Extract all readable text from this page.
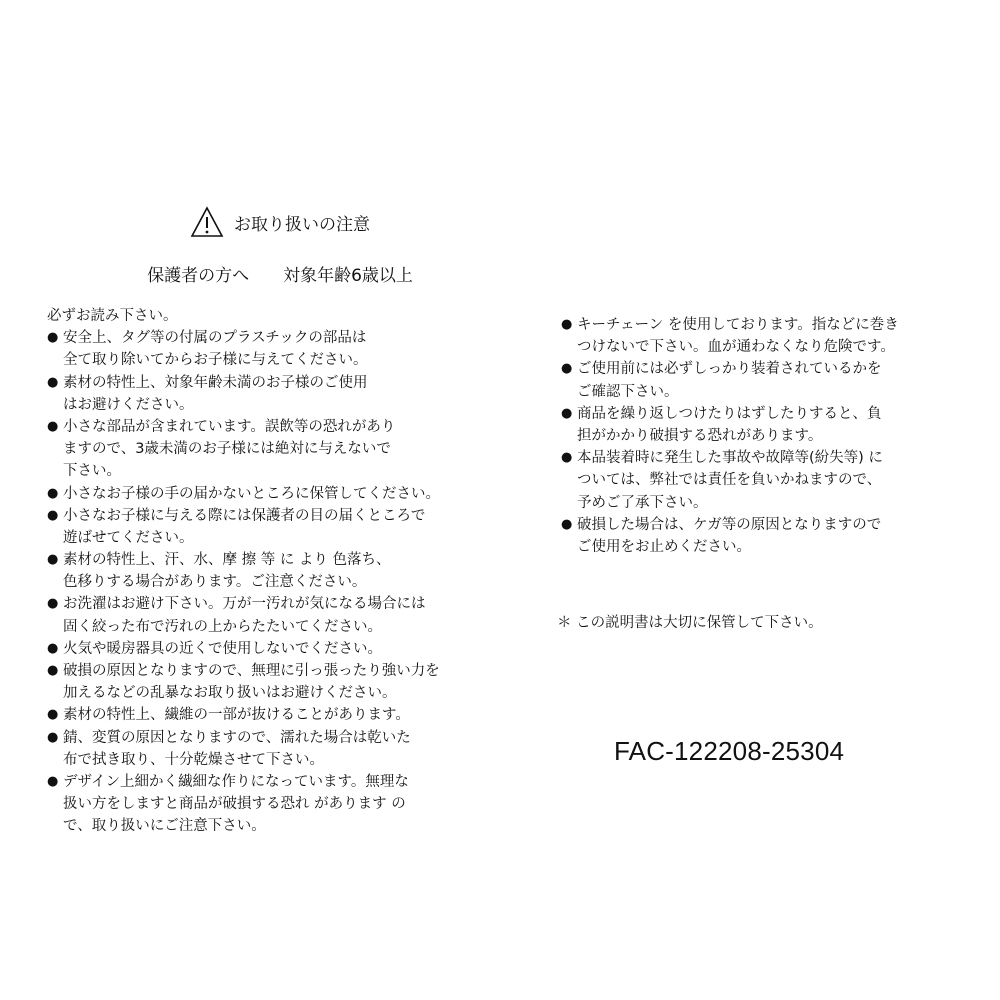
お取り扱いの注意
保護者の方へ　　対象年齢6歳以上
必ずお読み下さい。
● 安全上、タグ等の付属のプラスチックの部品は
全て取り除いてからお子様に与えてください。
● 素材の特性上、対象年齢未満のお子様のご使用
はお避けください。
● 小さな部品が含まれています。誤飲等の恐れがあり
ますので、3歳未満のお子様には絶対に与えないで
下さい。
● 小さなお子様の手の届かないところに保管してください。
● 小さなお子様に与える際には保護者の目の届くところで
遊ばせてください。
● 素材の特性上、汗、水、摩 擦 等 に より 色落ち、
色移りする場合があります。ご注意ください。
● お洗濯はお避け下さい。万が一汚れが気になる場合には
固く絞った布で汚れの上からたたいてください。
● 火気や暖房器具の近くで使用しないでください。
● 破損の原因となりますので、無理に引っ張ったり強い力を
加えるなどの乱暴なお取り扱いはお避けください。
● 素材の特性上、繊維の一部が抜けることがあります。
● 錆、変質の原因となりますので、濡れた場合は乾いた
布で拭き取り、十分乾燥させて下さい。
● デザイン上細かく繊細な作りになっています。無理な
扱い方をしますと商品が破損する恐れ があります の
で、取り扱いにご注意下さい。
● キーチェーン を使用しております。指などに巻き
つけないで下さい。血が通わなくなり危険です。
● ご使用前には必ずしっかり装着されているかを
ご確認下さい。
● 商品を繰り返しつけたりはずしたりすると、負
担がかかり破損する恐れがあります。
● 本品装着時に発生した事故や故障等(紛失等) に
ついては、弊社では責任を負いかねますので、
予めご了承下さい。
● 破損した場合は、ケガ等の原因となりますので
ご使用をお止めください。
＊ この説明書は大切に保管して下さい。
FAC-122208-25304
